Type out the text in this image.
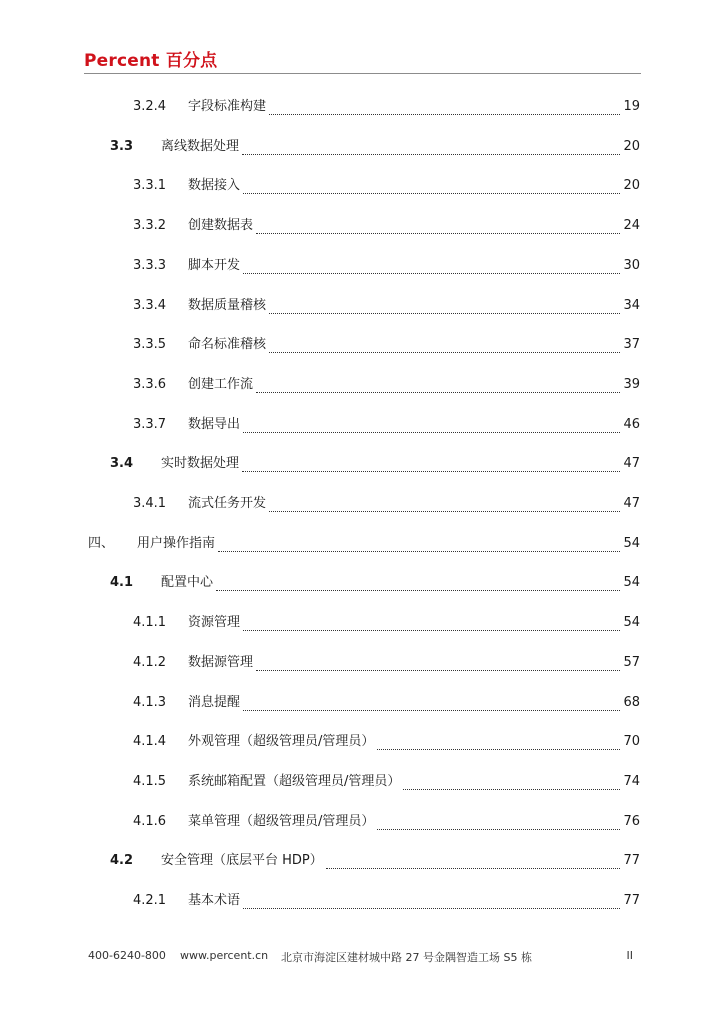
Percent 百分点
3.2.4 字段标准构建	19
3.3 离线数据处理	20
3.3.1 数据接入	20
3.3.2 创建数据表	24
3.3.3 脚本开发	30
3.3.4 数据质量稽核	34
3.3.5 命名标准稽核	37
3.3.6 创建工作流	39
3.3.7 数据导出	46
3.4 实时数据处理	47
3.4.1 流式任务开发	47
四、 用户操作指南	54
4.1 配置中心	54
4.1.1 资源管理	54
4.1.2 数据源管理	57
4.1.3 消息提醒	68
4.1.4 外观管理（超级管理员/管理员）	70
4.1.5 系统邮箱配置（超级管理员/管理员）	74
4.1.6 菜单管理（超级管理员/管理员）	76
4.2 安全管理（底层平台 HDP）	77
4.2.1 基本术语	77
400-6240-800 www.percent.cn 北京市海淀区建材城中路 27 号金隅智造工场 S5 栋	II
